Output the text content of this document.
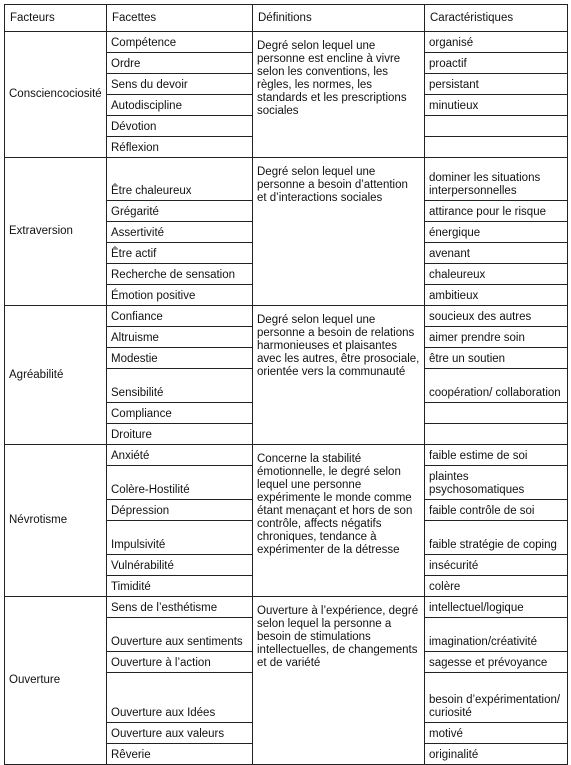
Facteurs	Facettes	Définitions	Caractéristiques
Consciencociosité	Compétence	Degré selon lequel une personne est encline à vivre selon les conventions, les règles, les normes, les standards et les prescriptions sociales	organisé
	Ordre		proactif
	Sens du devoir		persistant
	Autodiscipline		minutieux
	Dévotion		
	Réflexion		
Extraversion	Être chaleureux	Degré selon lequel une personne a besoin d’attention et d’interactions sociales	dominer les situations interpersonnelles
	Grégarité		attirance pour le risque
	Assertivité		énergique
	Être actif		avenant
	Recherche de sensation		chaleureux
	Émotion positive		ambitieux
Agréabilité	Confiance	Degré selon lequel une personne a besoin de relations harmonieuses et plaisantes avec les autres, être prosociale, orientée vers la communauté	soucieux des autres
	Altruisme		aimer prendre soin
	Modestie		être un soutien
	Sensibilité		coopération/ collaboration
	Compliance		
	Droiture		
Névrotisme	Anxiété	Concerne la stabilité émotionnelle, le degré selon lequel une personne expérimente le monde comme étant menaçant et hors de son contrôle, affects négatifs chroniques, tendance à expérimenter de la détresse	faible estime de soi
	Colère-Hostilité		plaintes psychosomatiques
	Dépression		faible contrôle de soi
	Impulsivité		faible stratégie de coping
	Vulnérabilité		insécurité
	Timidité		colère
Ouverture	Sens de l’esthétisme	Ouverture à l’expérience, degré selon lequel la personne a besoin de stimulations intellectuelles, de changements et de variété	intellectuel/logique
	Ouverture aux sentiments		imagination/créativité
	Ouverture à l’action		sagesse et prévoyance
	Ouverture aux Idées		besoin d’expérimentation/ curiosité
	Ouverture aux valeurs		motivé
	Rêverie		originalité
